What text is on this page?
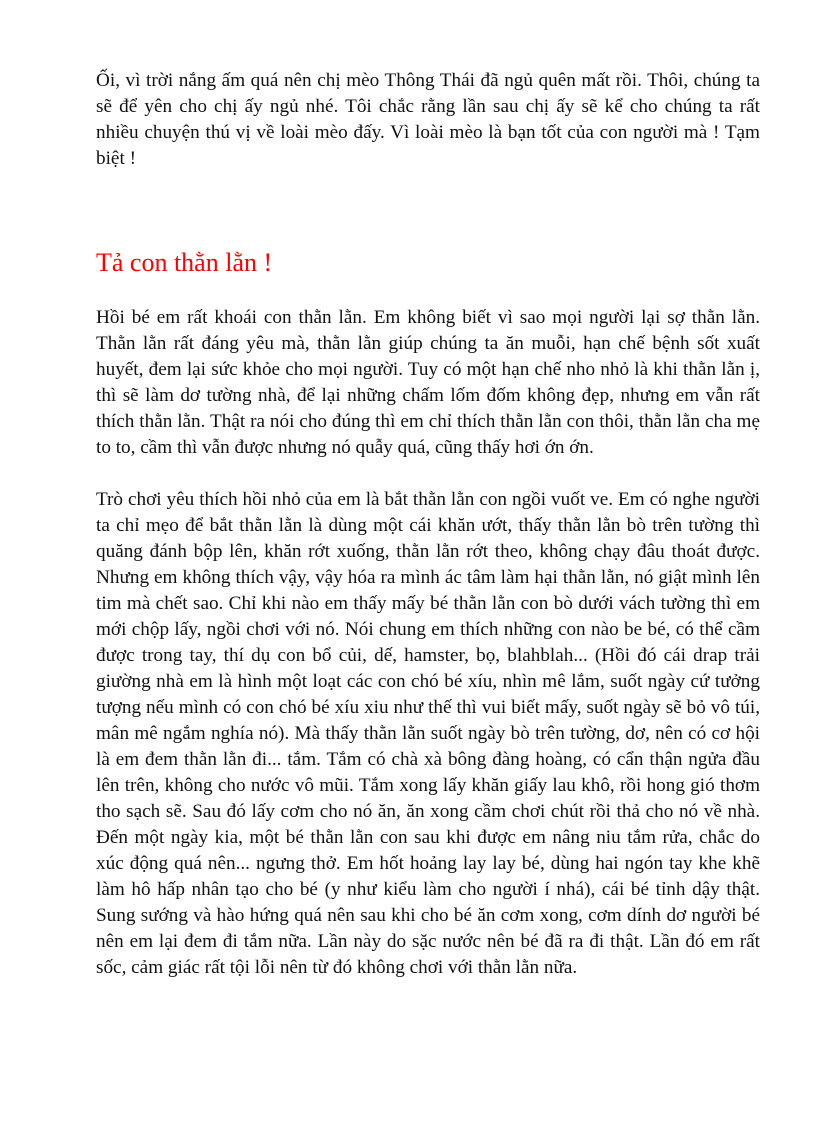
Ối, vì trời nắng ấm quá nên chị mèo Thông Thái đã ngủ quên mất rồi. Thôi, chúng ta sẽ để yên cho chị ấy ngủ nhé. Tôi chắc rằng lần sau chị ấy sẽ kể cho chúng ta rất nhiều chuyện thú vị về loài mèo đấy. Vì loài mèo là bạn tốt của con người mà ! Tạm biệt !

Tả con thằn lằn !

Hồi bé em rất khoái con thằn lằn. Em không biết vì sao mọi người lại sợ thằn lằn. Thằn lằn rất đáng yêu mà, thằn lằn giúp chúng ta ăn muỗi, hạn chế bệnh sốt xuất huyết, đem lại sức khỏe cho mọi người. Tuy có một hạn chế nho nhỏ là khi thằn lằn ị, thì sẽ làm dơ tường nhà, để lại những chấm lốm đốm không đẹp, nhưng em vẫn rất thích thằn lằn. Thật ra nói cho đúng thì em chỉ thích thằn lằn con thôi, thằn lằn cha mẹ to to, cầm thì vẫn được nhưng nó quẫy quá, cũng thấy hơi ớn ớn.

Trò chơi yêu thích hồi nhỏ của em là bắt thằn lằn con ngồi vuốt ve. Em có nghe người ta chỉ mẹo để bắt thằn lằn là dùng một cái khăn ướt, thấy thằn lằn bò trên tường thì quăng đánh bộp lên, khăn rớt xuống, thằn lằn rớt theo, không chạy đâu thoát được. Nhưng em không thích vậy, vậy hóa ra mình ác tâm làm hại thằn lằn, nó giật mình lên tim mà chết sao. Chỉ khi nào em thấy mấy bé thằn lằn con bò dưới vách tường thì em mới chộp lấy, ngồi chơi với nó. Nói chung em thích những con nào be bé, có thể cầm được trong tay, thí dụ con bổ củi, dế, hamster, bọ, blahblah... (Hồi đó cái drap trải giường nhà em là hình một loạt các con chó bé xíu, nhìn mê lắm, suốt ngày cứ tưởng tượng nếu mình có con chó bé xíu xiu như thế thì vui biết mấy, suốt ngày sẽ bỏ vô túi, mân mê ngắm nghía nó). Mà thấy thằn lằn suốt ngày bò trên tường, dơ, nên có cơ hội là em đem thằn lằn đi... tắm. Tắm có chà xà bông đàng hoàng, có cẩn thận ngửa đầu lên trên, không cho nước vô mũi. Tắm xong lấy khăn giấy lau khô, rồi hong gió thơm tho sạch sẽ. Sau đó lấy cơm cho nó ăn, ăn xong cầm chơi chút rồi thả cho nó về nhà. Đến một ngày kia, một bé thằn lằn con sau khi được em nâng niu tắm rửa, chắc do xúc động quá nên... ngưng thở. Em hốt hoảng lay lay bé, dùng hai ngón tay khe khẽ làm hô hấp nhân tạo cho bé (y như kiểu làm cho người í nhá), cái bé tỉnh dậy thật. Sung sướng và hào hứng quá nên sau khi cho bé ăn cơm xong, cơm dính dơ người bé nên em lại đem đi tắm nữa. Lần này do sặc nước nên bé đã ra đi thật. Lần đó em rất sốc, cảm giác rất tội lỗi nên từ đó không chơi với thằn lằn nữa.
